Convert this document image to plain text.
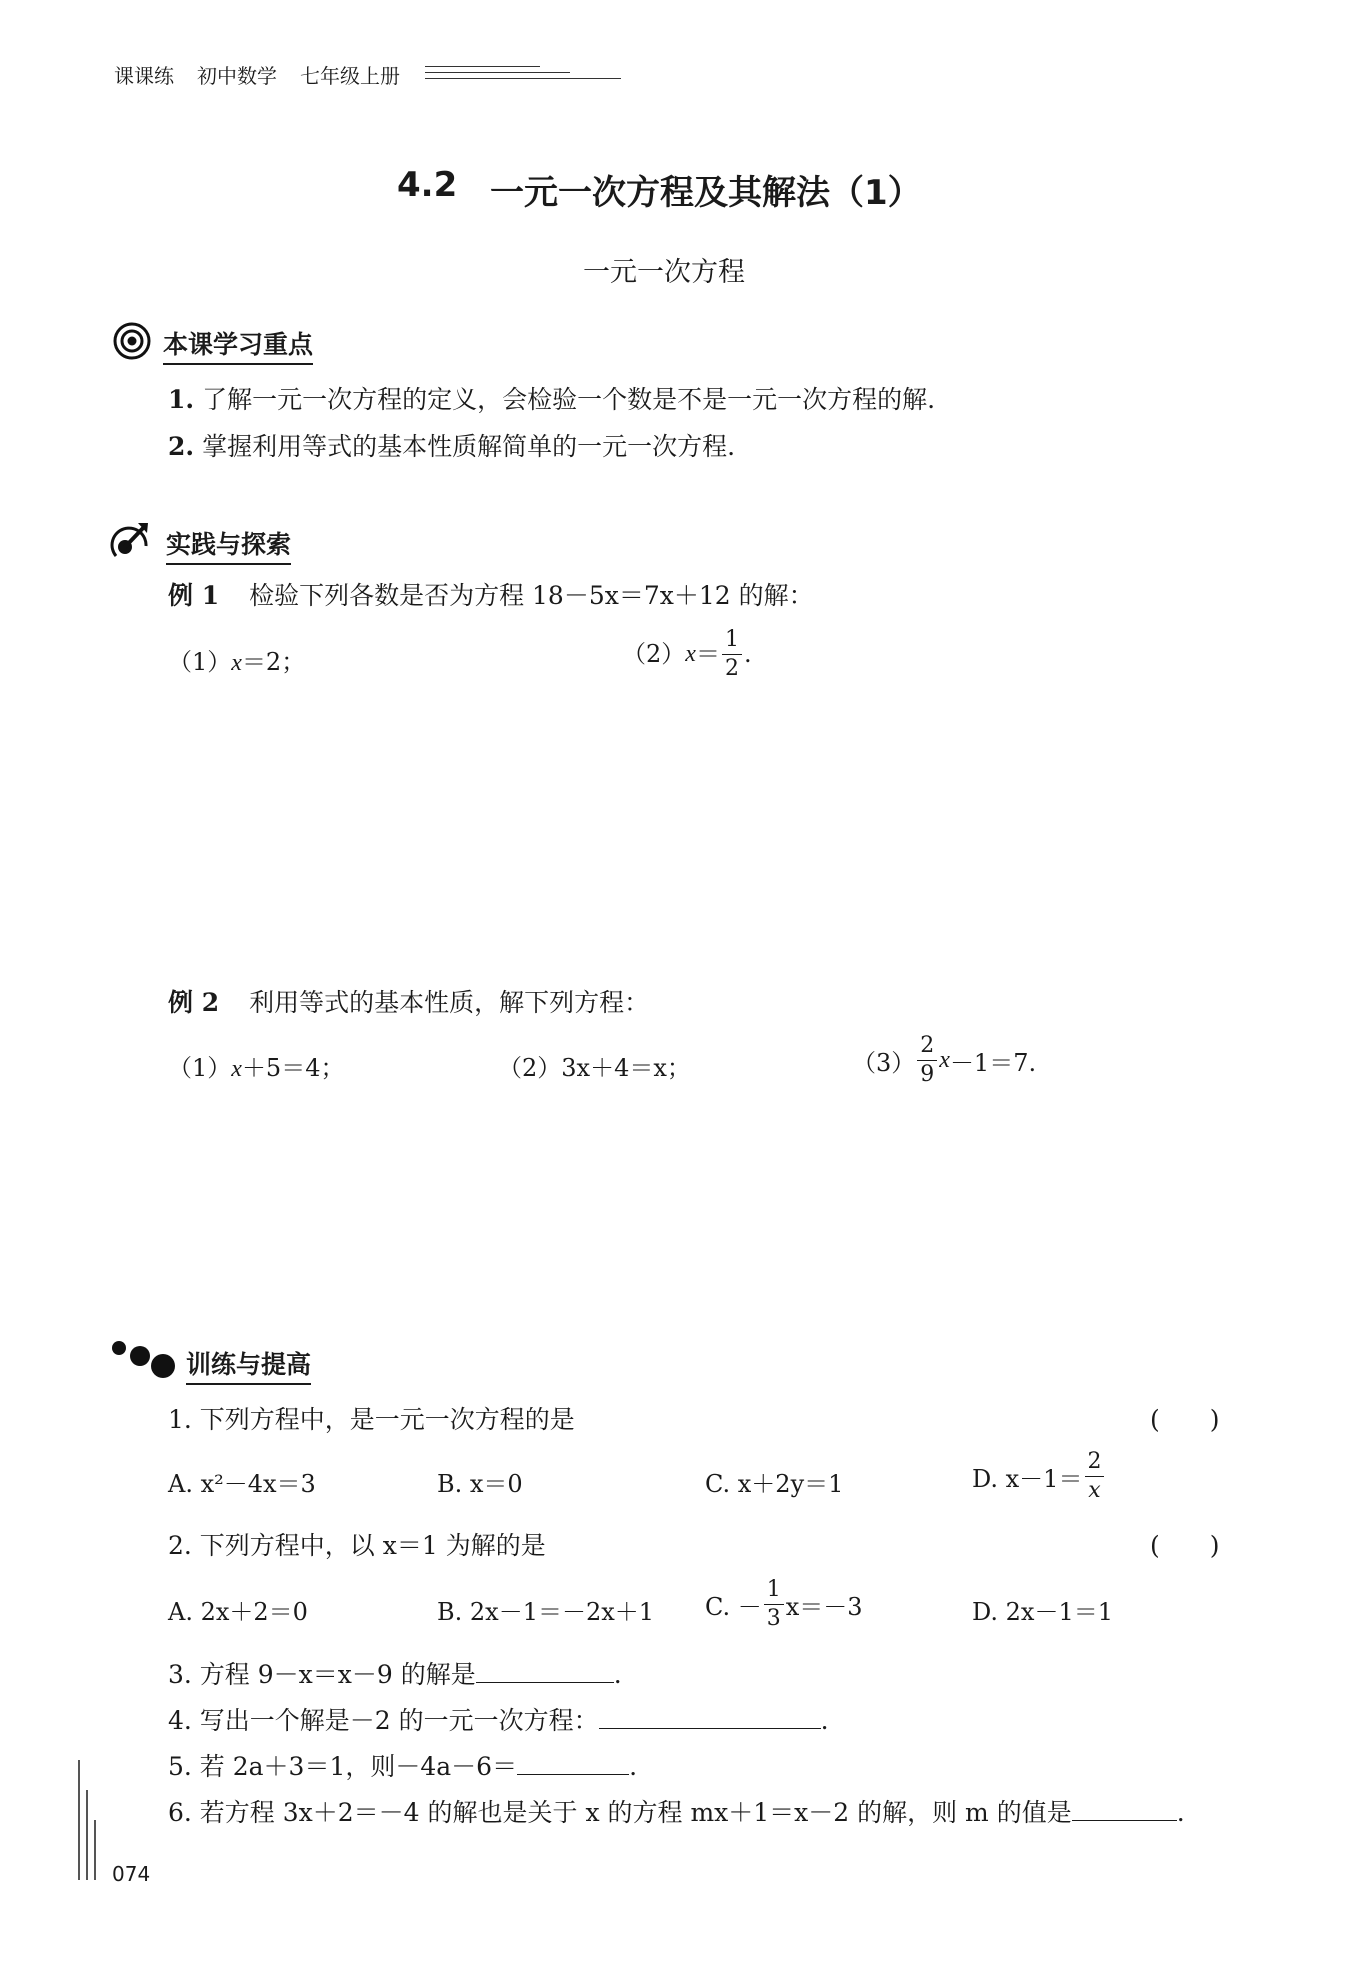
课课练 初中数学 七年级上册
4.2 一元一次方程及其解法（1）
一元一次方程
本课学习重点
1. 了解一元一次方程的定义，会检验一个数是不是一元一次方程的解.
2. 掌握利用等式的基本性质解简单的一元一次方程.
实践与探索
例 1 检验下列各数是否为方程 18－5x＝7x＋12 的解：
（1）x＝2；	（2） $x = \frac{1}{2}$ .
例 2 利用等式的基本性质，解下列方程：
（1）x＋5＝4；	（2）3x＋4＝x；	$(3) \frac{2}{9}$ x －1＝7.
训练与提高
1. 下列方程中，是一元一次方程的是	(　　)
A. x²－4x＝3	B. x＝0	C. x＋2y＝1	D. $x-1= \frac{2}{x}$
2. 下列方程中，以 x＝1 为解的是	(　　)
A. 2x＋2＝0	B. 2x－1＝－2x＋1 C. － $\frac{1}{3} x=-3$	D. 2x－1＝1
3. 方程 9－x＝x－9 的解是	.
4. 写出一个解是－2 的一元一次方程：	.
5. 若 2a＋3＝1，则－4a－6＝	.
6. 若方程 3x＋2＝－4 的解也是关于 x 的方程 mx＋1＝x－2 的解，则 m 的值是	.
074
